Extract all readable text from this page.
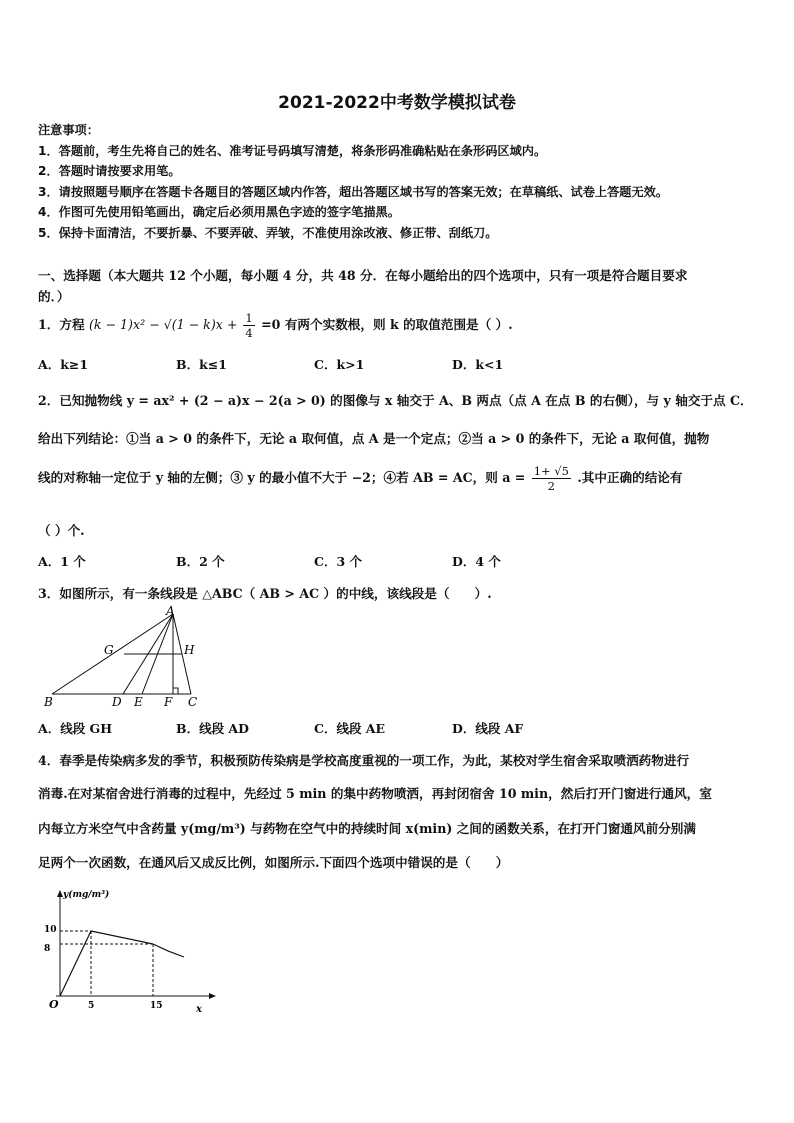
2021-2022中考数学模拟试卷
注意事项：
1．答题前，考生先将自己的姓名、准考证号码填写清楚，将条形码准确粘贴在条形码区域内。
2．答题时请按要求用笔。
3．请按照题号顺序在答题卡各题目的答题区域内作答，超出答题区域书写的答案无效；在草稿纸、试卷上答题无效。
4．作图可先使用铅笔画出，确定后必须用黑色字迹的签字笔描黑。
5．保持卡面清洁，不要折暴、不要弄破、弄皱，不准使用涂改液、修正带、刮纸刀。
一、选择题（本大题共 12 个小题，每小题 4 分，共 48 分．在每小题给出的四个选项中，只有一项是符合题目要求
的．）
1．方程 $(k - 1)x^2 - √(1 - k)x + \frac{1}{4} =0$ 有两个实数根，则 k 的取值范围是（ ）.
A．k≥1	B．k≤1	C．k>1	D．k<1
2．已知抛物线 y = ax² + (2 − a)x − 2(a > 0) 的图像与 x 轴交于 A、B 两点（点 A 在点 B 的右侧），与 y 轴交于点 C．
给出下列结论：①当 a > 0 的条件下，无论 a 取何值，点 A 是一个定点；②当 a > 0 的条件下，无论 a 取何值，抛物
线的对称轴一定位于 y 轴的左侧；③ y 的最小值不大于 −2；④若 AB = AC，则 $a = \frac{1+ √5}{2}$ .其中正确的结论有
（ ）个.
A．1 个	B．2 个	C．3 个	D．4 个
3．如图所示，有一条线段是 △ABC（ AB > AC ）的中线，该线段是（　　）.
A
G	H
B	D E F C
A．线段 GH	B．线段 AD	C．线段 AE	D．线段 AF
4．春季是传染病多发的季节，积极预防传染病是学校高度重视的一项工作，为此，某校对学生宿舍采取喷洒药物进行
消毒.在对某宿舍进行消毒的过程中，先经过 5 min 的集中药物喷洒，再封闭宿舍 10 min，然后打开门窗进行通风，室
内每立方米空气中含药量 y(mg/m³) 与药物在空气中的持续时间 x(min) 之间的函数关系，在打开门窗通风前分别满
足两个一次函数，在通风后又成反比例，如图所示.下面四个选项中错误的是（　　）
5	15
10
8
y(mg/m³)
x
O
